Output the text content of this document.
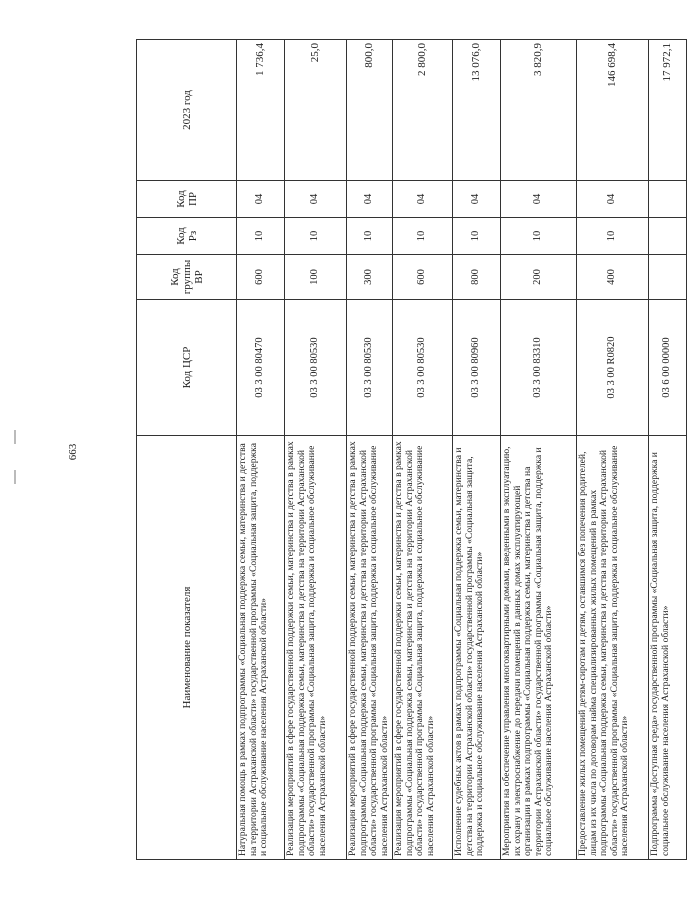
663
Наименование показателя	Код ЦСР	Код группы ВР	Код Рз	Код ПР	2023 год
Натуральная помощь в рамках подпрограммы «Социальная поддержка семьи, материнства и детства на территории Астраханской области» государственной программы «Социальная защита, поддержка и социальное обслуживание населения Астраханской области»	03 3 00 80470	600	10	04	1 736,4
Реализация мероприятий в сфере государственной поддержки семьи, материнства и детства в рамках подпрограммы «Социальная поддержка семьи, материнства и детства на территории Астраханской области» государственной программы «Социальная защита, поддержка и социальное обслуживание населения Астраханской области»	03 3 00 80530	100	10	04	25,0
Реализация мероприятий в сфере государственной поддержки семьи, материнства и детства в рамках подпрограммы «Социальная поддержка семьи, материнства и детства на территории Астраханской области» государственной программы «Социальная защита, поддержка и социальное обслуживание населения Астраханской области»	03 3 00 80530	300	10	04	800,0
Реализация мероприятий в сфере государственной поддержки семьи, материнства и детства в рамках подпрограммы «Социальная поддержка семьи, материнства и детства на территории Астраханской области» государственной программы «Социальная защита, поддержка и социальное обслуживание населения Астраханской области»	03 3 00 80530	600	10	04	2 800,0
Исполнение судебных актов в рамках подпрограммы «Социальная поддержка семьи, материнства и детства на территории Астраханской области» государственной программы «Социальная защита, поддержка и социальное обслуживание населения Астраханской области»	03 3 00 80960	800	10	04	13 076,0
Мероприятия на обеспечение управления многоквартирными домами, введенными в эксплуатацию, их охрану и электроснабжение до передачи помещений в данных домах эксплуатирующей организации в рамках подпрограммы «Социальная поддержка семьи, материнства и детства на территории Астраханской области» государственной программы «Социальная защита, поддержка и социальное обслуживание населения Астраханской области»	03 3 00 83310	200	10	04	3 820,9
Предоставление жилых помещений детям-сиротам и детям, оставшимся без попечения родителей, лицам из их числа по договорам найма специализированных жилых помещений в рамках подпрограммы «Социальная поддержка семьи, материнства и детства на территории Астраханской области» государственной программы «Социальная защита, поддержка и социальное обслуживание населения Астраханской области»	03 3 00 R0820	400	10	04	146 698,4
Подпрограмма «Доступная среда» государственной программы «Социальная защита, поддержка и социальное обслуживание населения Астраханской области»	03 6 00 00000				17 972,1
